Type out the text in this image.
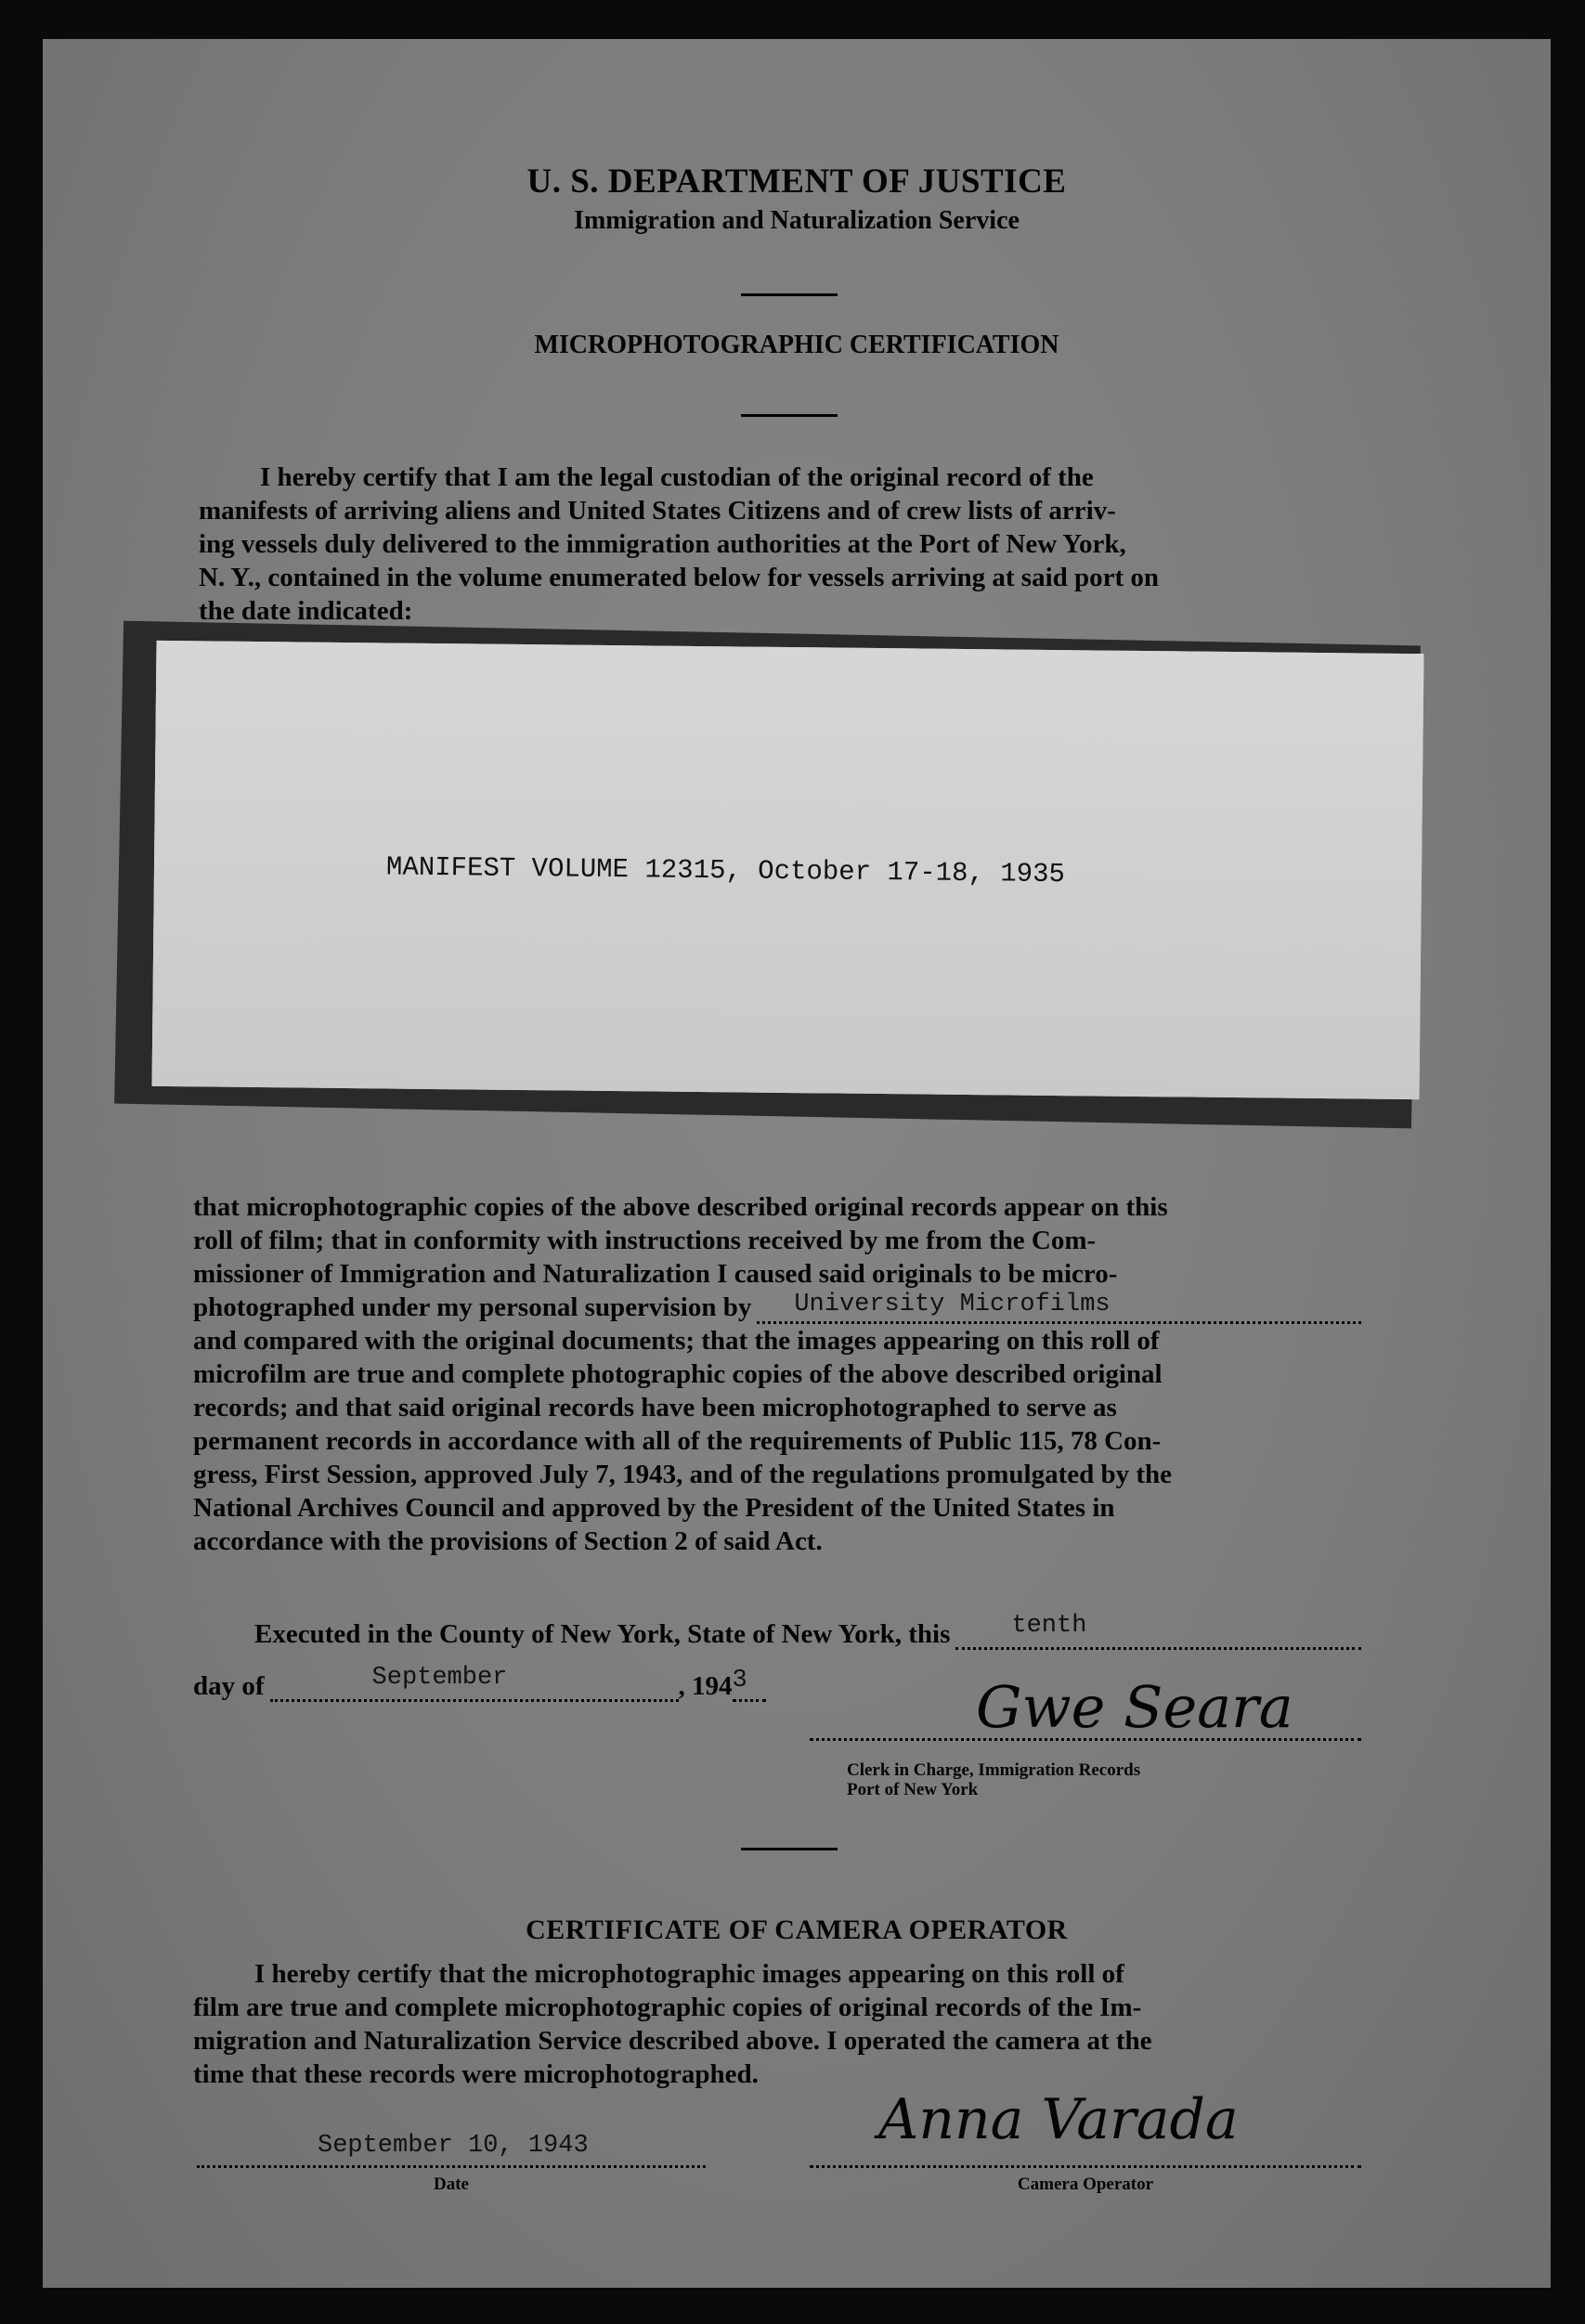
U. S. DEPARTMENT OF JUSTICE
Immigration and Naturalization Service
MICROPHOTOGRAPHIC CERTIFICATION

I hereby certify that I am the legal custodian of the original record of the

manifests of arriving aliens and United States Citizens and of crew lists of arriv-

ing vessels duly delivered to the immigration authorities at the Port of New York,

N. Y., contained in the volume enumerated below for vessels arriving at said port on

the date indicated:

MANIFEST VOLUME 12315, October 17-18, 1935

that microphotographic copies of the above described original records appear on this

roll of film; that in conformity with instructions received by me from the Com-

missioner of Immigration and Naturalization I caused said originals to be micro-

photographed under my personal supervision by University Microfilms

and compared with the original documents; that the images appearing on this roll of

microfilm are true and complete photographic copies of the above described original

records; and that said original records have been microphotographed to serve as

permanent records in accordance with all of the requirements of Public 115, 78 Con-

gress, First Session, approved July 7, 1943, and of the regulations promulgated by the

National Archives Council and approved by the President of the United States in

accordance with the provisions of Section 2 of said Act.

Executed in the County of New York, State of New York, this tenth
day of	September	, 194 3	Gwe Seara
Clerk in Charge, Immigration Records
Port of New York
CERTIFICATE OF CAMERA OPERATOR

I hereby certify that the microphotographic images appearing on this roll of

film are true and complete microphotographic copies of original records of the Im-

migration and Naturalization Service described above. I operated the camera at the

time that these records were microphotographed.

September 10, 1943
Date
Anna Varada
Camera Operator
